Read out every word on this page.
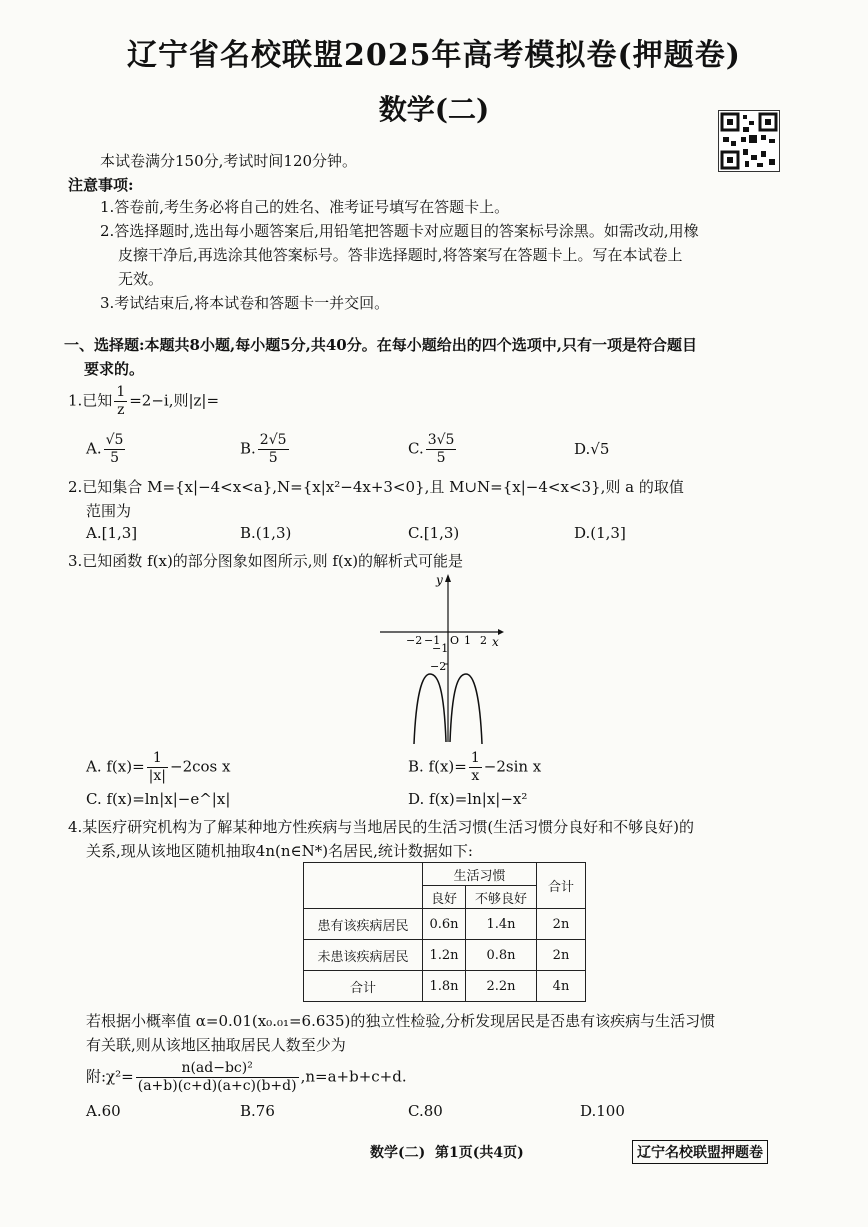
辽宁省名校联盟2025年高考模拟卷(押题卷)
数学(二)
本试卷满分150分,考试时间120分钟。
注意事项:
1.答卷前,考生务必将自己的姓名、准考证号填写在答题卡上。
2.答选择题时,选出每小题答案后,用铅笔把答题卡对应题目的答案标号涂黑。如需改动,用橡
皮擦干净后,再选涂其他答案标号。答非选择题时,将答案写在答题卡上。写在本试卷上
无效。
3.考试结束后,将本试卷和答题卡一并交回。
一、选择题:本题共8小题,每小题5分,共40分。在每小题给出的四个选项中,只有一项是符合题目
要求的。
1.已知 $\frac{1}{z} =2-i$,则|z|=
A. $\frac{√5}{5}$	B. $\frac{2√5}{5}$	C. $\frac{3√5}{5}$	D.√5
2.已知集合 M={x|−4<x<a},N={x|x²−4x+3<0},且 M∪N={x|−4<x<3},则 a 的取值
范围为
A.[1,3]	B.(1,3)	C.[1,3)	D.(1,3]
3.已知函数 f(x)的部分图象如图所示,则 f(x)的解析式可能是
y
x
−2 −1 O 1 2
−1
−2
A. $f(x)= \frac{1}{|x|} -2\cos$ x	B. $f(x)= \frac{1}{x} -2\sin$ x
C. f(x)=ln|x|−e^|x|	D. f(x)=ln|x|−x²
4.某医疗研究机构为了解某种地方性疾病与当地居民的生活习惯(生活习惯分良好和不够良好)的
关系,现从该地区随机抽取4n(n∈N*)名居民,统计数据如下:
	生活习惯		合计
	良好	不够良好	
患有该疾病居民	0.6n	1.4n	2n
未患该疾病居民	1.2n	0.8n	2n
合计	1.8n	2.2n	4n
若根据小概率值 α=0.01(x₀.₀₁=6.635)的独立性检验,分析发现居民是否患有该疾病与生活习惯
有关联,则从该地区抽取居民人数至少为
附:χ²= $\frac{\text{n(ad−bc)²}}{(a+b)(c+d)(a+c)(b+d)} ,n=a+b+c+d$.
A.60	B.76	C.80	D.100
数学(二)  第1页(共4页)	辽宁名校联盟押题卷
